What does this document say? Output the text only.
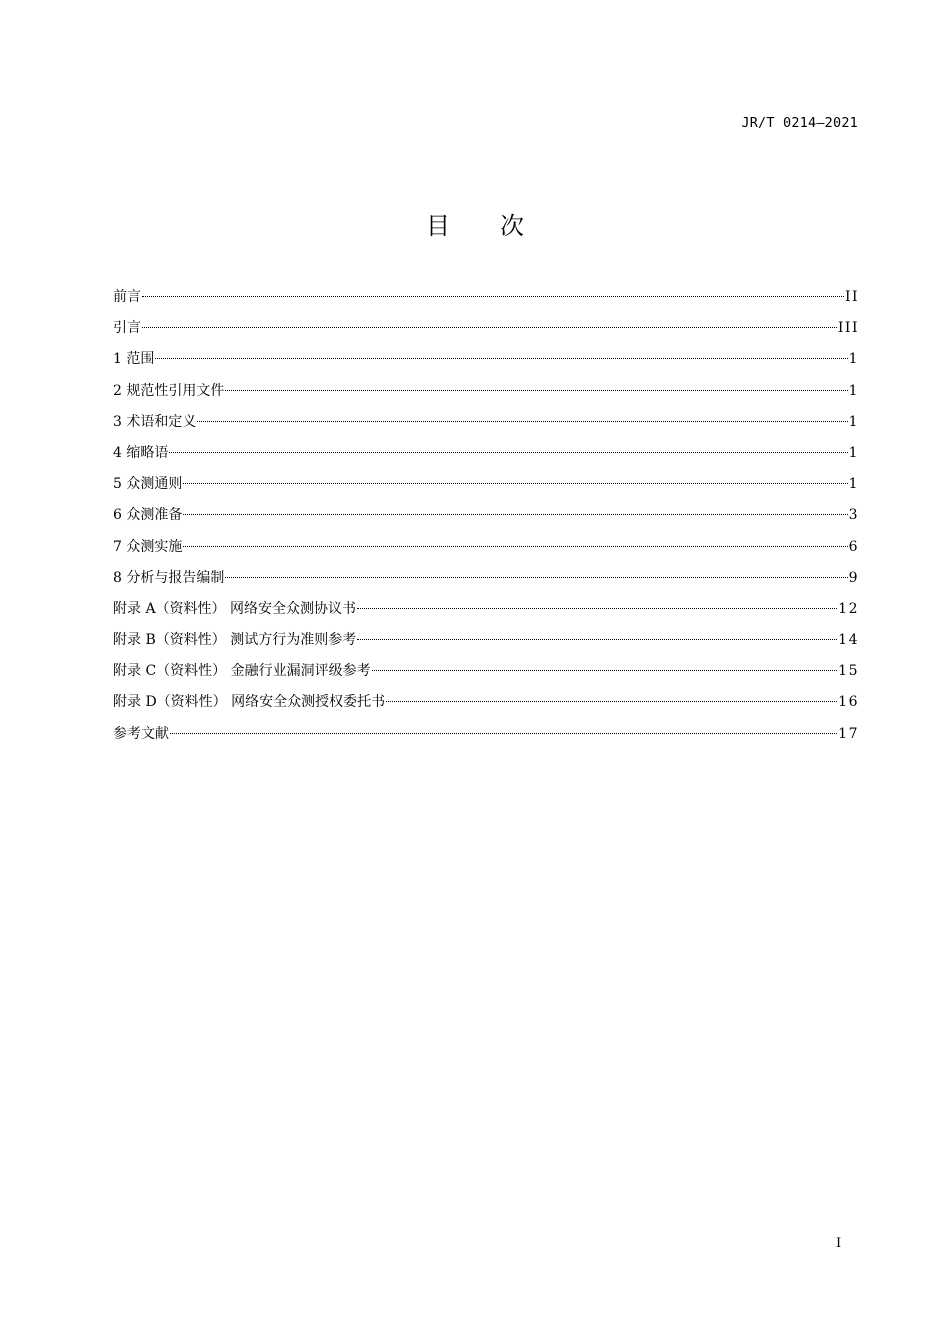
JR/T 0214—2021
目次
前言	II
引言	III
1 范围	1
2 规范性引用文件	1
3 术语和定义	1
4 缩略语	1
5 众测通则	1
6 众测准备	3
7 众测实施	6
8 分析与报告编制	9
附录 A（资料性） 网络安全众测协议书	12
附录 B（资料性） 测试方行为准则参考	14
附录 C（资料性） 金融行业漏洞评级参考	15
附录 D（资料性） 网络安全众测授权委托书	16
参考文献	17
I
